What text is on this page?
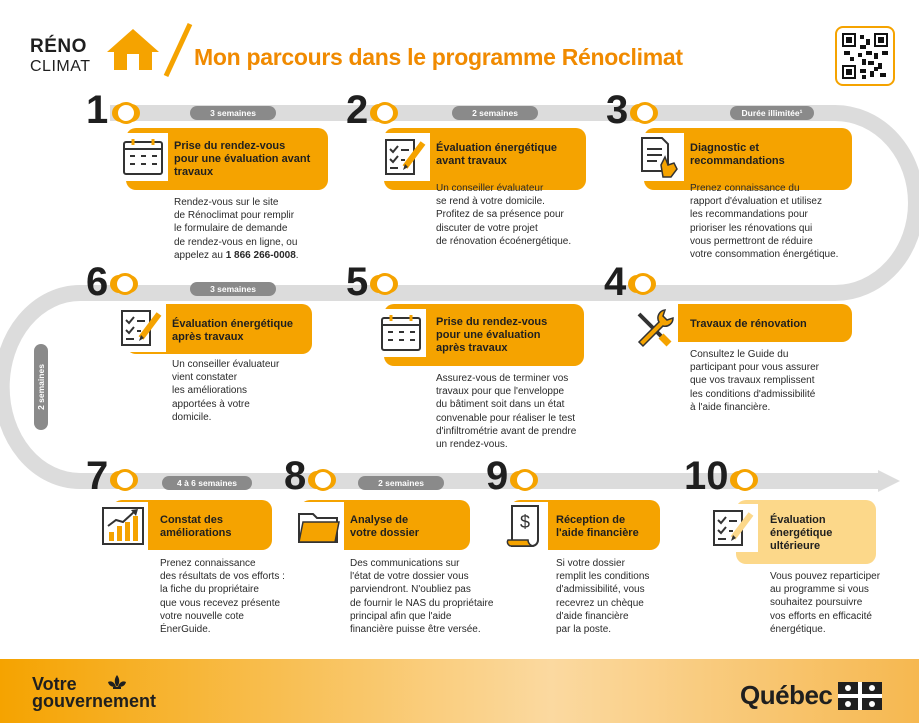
RÉNO
CLIMAT	Mon parcours dans le programme Rénoclimat
3 semaines	2 semaines	Durée illimitée¹
3 semaines
2 semaines
4 à 6 semaines	2 semaines
1	2	3
4
5
6
7	8	9	10
Prise du rendez-vous
pour une évaluation avant
travaux
Rendez-vous sur le site
de Rénoclimat pour remplir
le formulaire de demande
de rendez-vous en ligne, ou
appelez au 1 866 266-0008.
Évaluation énergétique
avant travaux
Un conseiller évaluateur
se rend à votre domicile.
Profitez de sa présence pour
discuter de votre projet
de rénovation écoénergétique.
Diagnostic et
recommandations
Prenez connaissance du
rapport d'évaluation et utilisez
les recommandations pour
prioriser les rénovations qui
vous permettront de réduire
votre consommation énergétique.
Travaux de rénovation
Consultez le Guide du
participant pour vous assurer
que vos travaux remplissent
les conditions d'admissibilité
à l'aide financière.
Prise du rendez-vous
pour une évaluation
après travaux
Assurez-vous de terminer vos
travaux pour que l'enveloppe
du bâtiment soit dans un état
convenable pour réaliser le test
d'infiltrométrie avant de prendre
un rendez-vous.
Évaluation énergétique
après travaux
Un conseiller évaluateur
vient constater
les améliorations
apportées à votre
domicile.
Constat des
améliorations
Prenez connaissance
des résultats de vos efforts :
la fiche du propriétaire
que vous recevez présente
votre nouvelle cote
ÉnerGuide.
Analyse de
votre dossier
Des communications sur
l'état de votre dossier vous
parviendront. N'oubliez pas
de fournir le NAS du propriétaire
principal afin que l'aide
financière puisse être versée.
$ Réception de
l'aide financière
Si votre dossier
remplit les conditions
d'admissibilité, vous
recevrez un chèque
d'aide financière
par la poste.
Évaluation
énergétique
ultérieure
Vous pouvez reparticiper
au programme si vous
souhaitez poursuivre
vos efforts en efficacité
énergétique.
Votre
gouvernement	Québec
